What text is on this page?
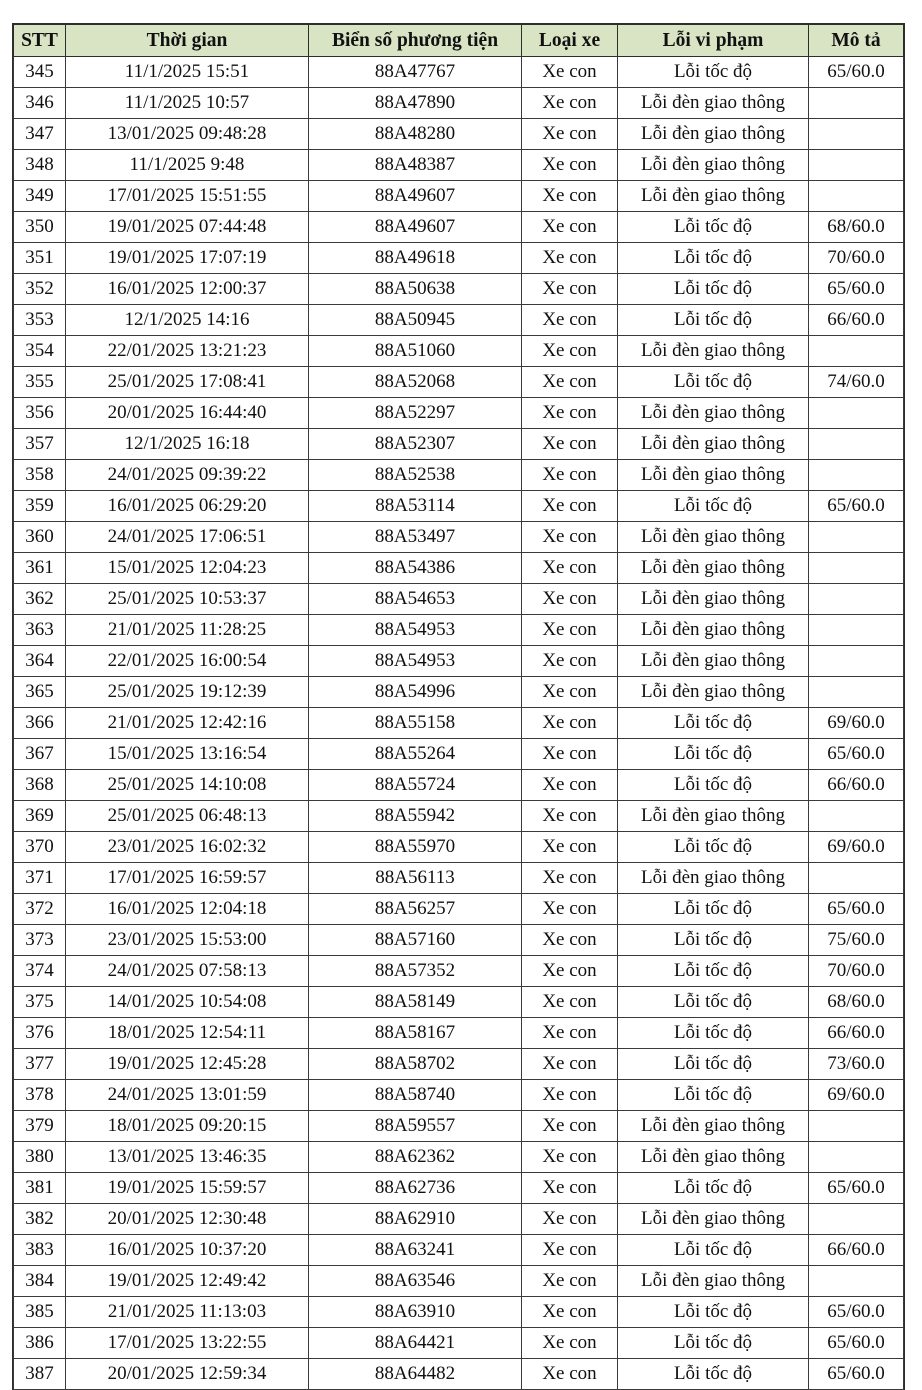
STT	Thời gian	Biển số phương tiện	Loại xe	Lỗi vi phạm	Mô tả
345	11/1/2025 15:51	88A47767	Xe con	Lỗi tốc độ	65/60.0
346	11/1/2025 10:57	88A47890	Xe con	Lỗi đèn giao thông	
347	13/01/2025 09:48:28	88A48280	Xe con	Lỗi đèn giao thông	
348	11/1/2025 9:48	88A48387	Xe con	Lỗi đèn giao thông	
349	17/01/2025 15:51:55	88A49607	Xe con	Lỗi đèn giao thông	
350	19/01/2025 07:44:48	88A49607	Xe con	Lỗi tốc độ	68/60.0
351	19/01/2025 17:07:19	88A49618	Xe con	Lỗi tốc độ	70/60.0
352	16/01/2025 12:00:37	88A50638	Xe con	Lỗi tốc độ	65/60.0
353	12/1/2025 14:16	88A50945	Xe con	Lỗi tốc độ	66/60.0
354	22/01/2025 13:21:23	88A51060	Xe con	Lỗi đèn giao thông	
355	25/01/2025 17:08:41	88A52068	Xe con	Lỗi tốc độ	74/60.0
356	20/01/2025 16:44:40	88A52297	Xe con	Lỗi đèn giao thông	
357	12/1/2025 16:18	88A52307	Xe con	Lỗi đèn giao thông	
358	24/01/2025 09:39:22	88A52538	Xe con	Lỗi đèn giao thông	
359	16/01/2025 06:29:20	88A53114	Xe con	Lỗi tốc độ	65/60.0
360	24/01/2025 17:06:51	88A53497	Xe con	Lỗi đèn giao thông	
361	15/01/2025 12:04:23	88A54386	Xe con	Lỗi đèn giao thông	
362	25/01/2025 10:53:37	88A54653	Xe con	Lỗi đèn giao thông	
363	21/01/2025 11:28:25	88A54953	Xe con	Lỗi đèn giao thông	
364	22/01/2025 16:00:54	88A54953	Xe con	Lỗi đèn giao thông	
365	25/01/2025 19:12:39	88A54996	Xe con	Lỗi đèn giao thông	
366	21/01/2025 12:42:16	88A55158	Xe con	Lỗi tốc độ	69/60.0
367	15/01/2025 13:16:54	88A55264	Xe con	Lỗi tốc độ	65/60.0
368	25/01/2025 14:10:08	88A55724	Xe con	Lỗi tốc độ	66/60.0
369	25/01/2025 06:48:13	88A55942	Xe con	Lỗi đèn giao thông	
370	23/01/2025 16:02:32	88A55970	Xe con	Lỗi tốc độ	69/60.0
371	17/01/2025 16:59:57	88A56113	Xe con	Lỗi đèn giao thông	
372	16/01/2025 12:04:18	88A56257	Xe con	Lỗi tốc độ	65/60.0
373	23/01/2025 15:53:00	88A57160	Xe con	Lỗi tốc độ	75/60.0
374	24/01/2025 07:58:13	88A57352	Xe con	Lỗi tốc độ	70/60.0
375	14/01/2025 10:54:08	88A58149	Xe con	Lỗi tốc độ	68/60.0
376	18/01/2025 12:54:11	88A58167	Xe con	Lỗi tốc độ	66/60.0
377	19/01/2025 12:45:28	88A58702	Xe con	Lỗi tốc độ	73/60.0
378	24/01/2025 13:01:59	88A58740	Xe con	Lỗi tốc độ	69/60.0
379	18/01/2025 09:20:15	88A59557	Xe con	Lỗi đèn giao thông	
380	13/01/2025 13:46:35	88A62362	Xe con	Lỗi đèn giao thông	
381	19/01/2025 15:59:57	88A62736	Xe con	Lỗi tốc độ	65/60.0
382	20/01/2025 12:30:48	88A62910	Xe con	Lỗi đèn giao thông	
383	16/01/2025 10:37:20	88A63241	Xe con	Lỗi tốc độ	66/60.0
384	19/01/2025 12:49:42	88A63546	Xe con	Lỗi đèn giao thông	
385	21/01/2025 11:13:03	88A63910	Xe con	Lỗi tốc độ	65/60.0
386	17/01/2025 13:22:55	88A64421	Xe con	Lỗi tốc độ	65/60.0
387	20/01/2025 12:59:34	88A64482	Xe con	Lỗi tốc độ	65/60.0
